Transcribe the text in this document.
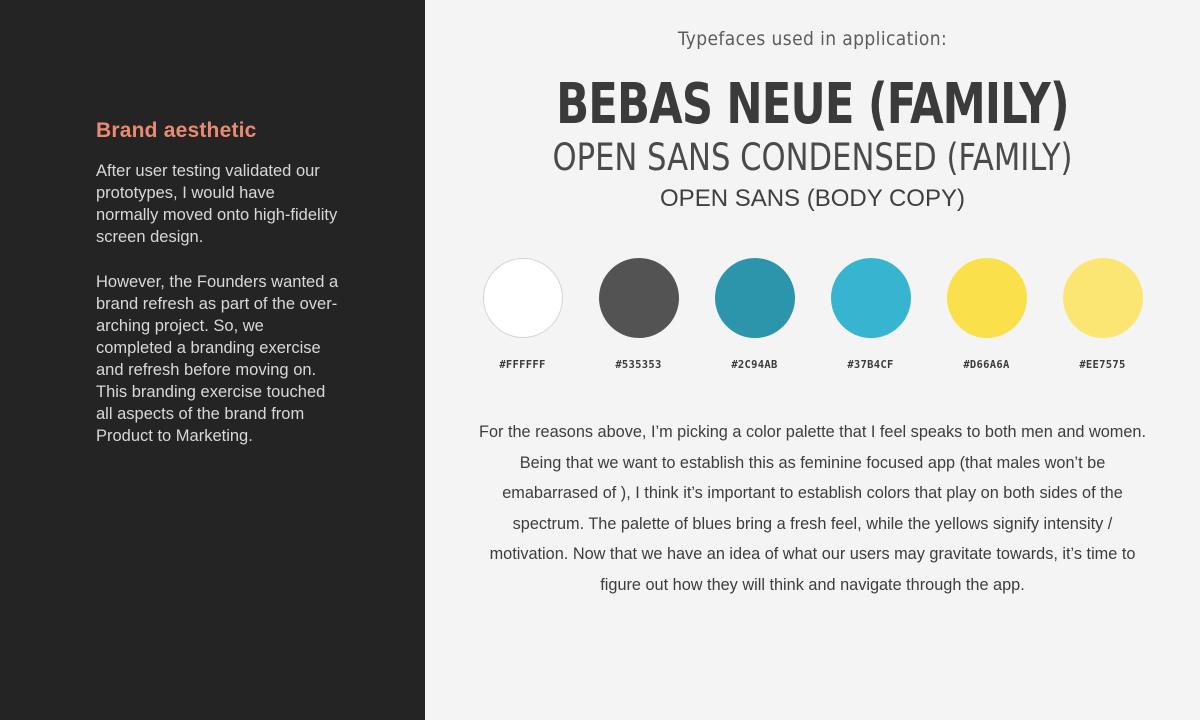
Brand aesthetic

After user testing validated our prototypes, I would have normally moved onto high-fidelity screen design.

However, the Founders wanted a brand refresh as part of the over-arching project. So, we completed a branding exercise and refresh before moving on. This branding exercise touched all aspects of the brand from Product to Marketing.

Typefaces used in application:
BEBAS NEUE (FAMILY)
OPEN SANS CONDENSED (FAMILY)
OPEN SANS (BODY COPY)
#FFFFFF	#535353	#2C94AB	#37B4CF	#D66A6A	#EE7575

For the reasons above, I’m picking a color palette that I feel speaks to both men and women. Being that we want to establish this as feminine focused app (that males won’t be emabarrased of ), I think it’s important to establish colors that play on both sides of the spectrum. The palette of blues bring a fresh feel, while the yellows signify intensity / motivation. Now that we have an idea of what our users may gravitate towards, it’s time to figure out how they will think and navigate through the app.
